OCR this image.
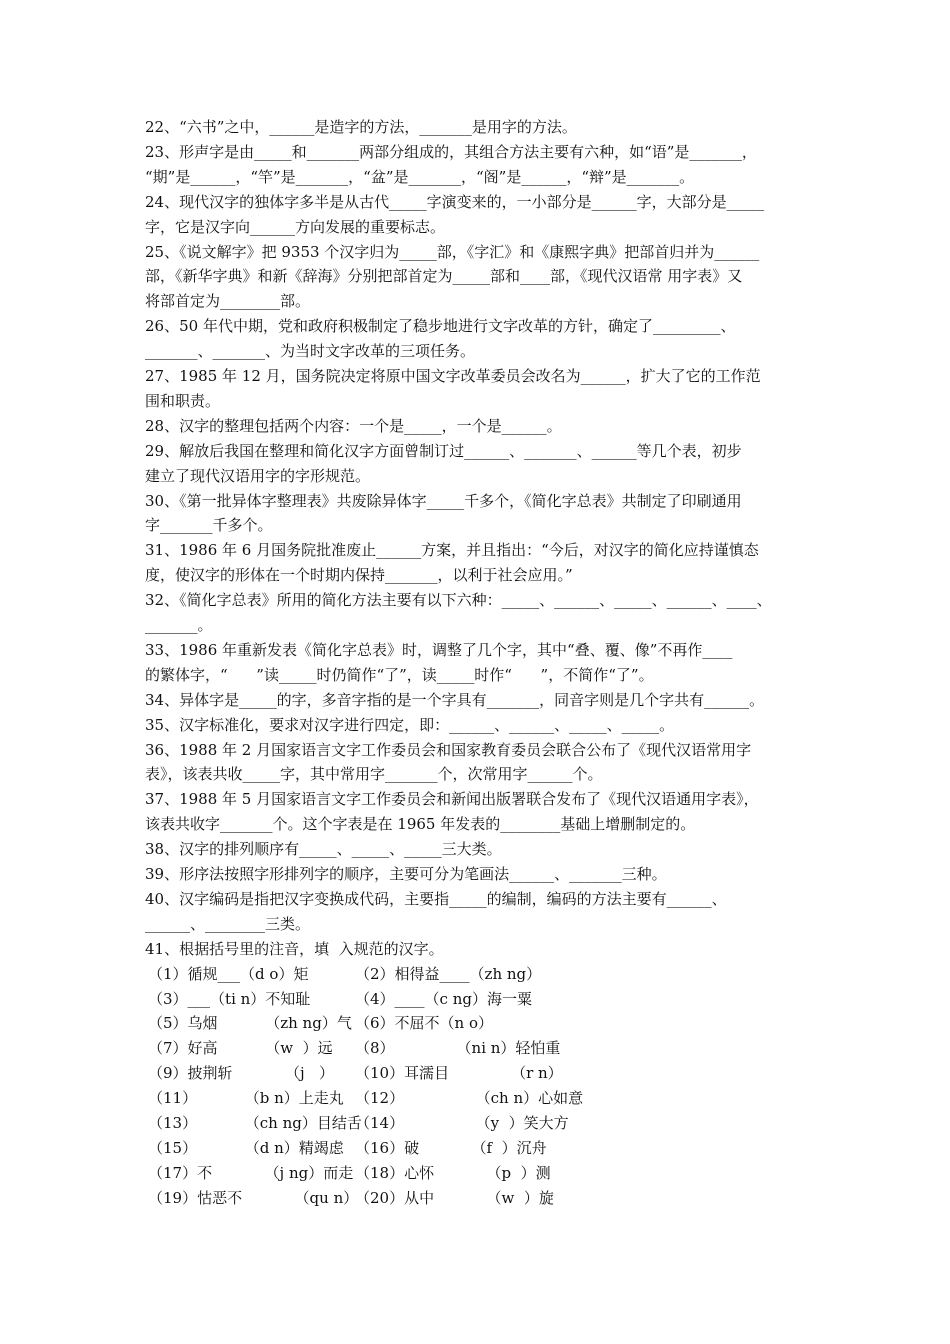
22、“六书”之中，______是造字的方法，_______是用字的方法。
23、形声字是由_____和_______两部分组成的，其组合方法主要有六种，如“语”是_______，
“期”是______，“竿”是_______，“盆”是_______，“阁”是______，“辩”是_______。
24、现代汉字的独体字多半是从古代_____字演变来的，一小部分是______字，大部分是_____
字，它是汉字向______方向发展的重要标志。
25、《说文解字》把 9353 个汉字归为_____部，《字汇》和《康熙字典》把部首归并为______
部，《新华字典》和新《辞海》分别把部首定为_____部和____部，《现代汉语常 用字表》又
将部首定为________部。
26、50 年代中期，党和政府积极制定了稳步地进行文字改革的方针，确定了_________、
_______、_______、为当时文字改革的三项任务。
27、1985 年 12 月，国务院决定将原中国文字改革委员会改名为______，扩大了它的工作范
围和职责。
28、汉字的整理包括两个内容：一个是_____，一个是______。
29、解放后我国在整理和简化汉字方面曾制订过______、_______、______等几个表，初步
建立了现代汉语用字的字形规范。
30、《第一批异体字整理表》共废除异体字_____千多个，《简化字总表》共制定了印刷通用
字_______千多个。
31、1986 年 6 月国务院批准废止______方案，并且指出：“今后，对汉字的简化应持谨慎态
度，使汉字的形体在一个时期内保持_______，以利于社会应用。”
32、《简化字总表》所用的简化方法主要有以下六种：_____、______、_____、______、____、
_______。
33、1986 年重新发表《简化字总表》时，调整了几个字，其中“叠、覆、像”不再作____
的繁体字，“      ”读_____时仍简作“了”，读_____时作“      ”，不简作“了”。
34、异体字是_____的字，多音字指的是一个字具有_______，同音字则是几个字共有______。
35、汉字标准化，要求对汉字进行四定，即：______、______、_____、_____。
36、1988 年 2 月国家语言文字工作委员会和国家教育委员会联合公布了《现代汉语常用字
表》，该表共收_____字，其中常用字_______个，次常用字______个。
37、1988 年 5 月国家语言文字工作委员会和新闻出版署联合发布了《现代汉语通用字表》，
该表共收字_______个。这个字表是在 1965 年发表的________基础上增删制定的。
38、汉字的排列顺序有_____、_____、_____三大类。
39、形序法按照字形排列字的顺序，主要可分为笔画法______、_______三种。
40、汉字编码是指把汉字变换成代码，主要指_____的编制，编码的方法主要有______、
______、________三类。
41、根据括号里的注音，填  入规范的汉字。
（1）循规___（d o）矩	（2）相得益____（zh ng）
（3）___（ti n）不知耻	（4）____（c ng）海一粟
（5）乌烟          （zh ng）气 （6）不屈不（n o）
（7）好高          （w  ）远 （8）             （ni n）轻怕重
（9）披荆斩           （j   ） （10）耳濡目             （r n）
（11）          （b n）上走丸 （12）               （ch n）心如意
（13）          （ch ng）目结舌
（14）               （y  ）笑大方
（15）          （d n）精竭虑 （16）破           （f  ）沉舟
（17）不           （j ng）而走 （18）心怀           （p  ）测
（19）怙恶不           （qu n）
（20）从中           （w  ）旋
